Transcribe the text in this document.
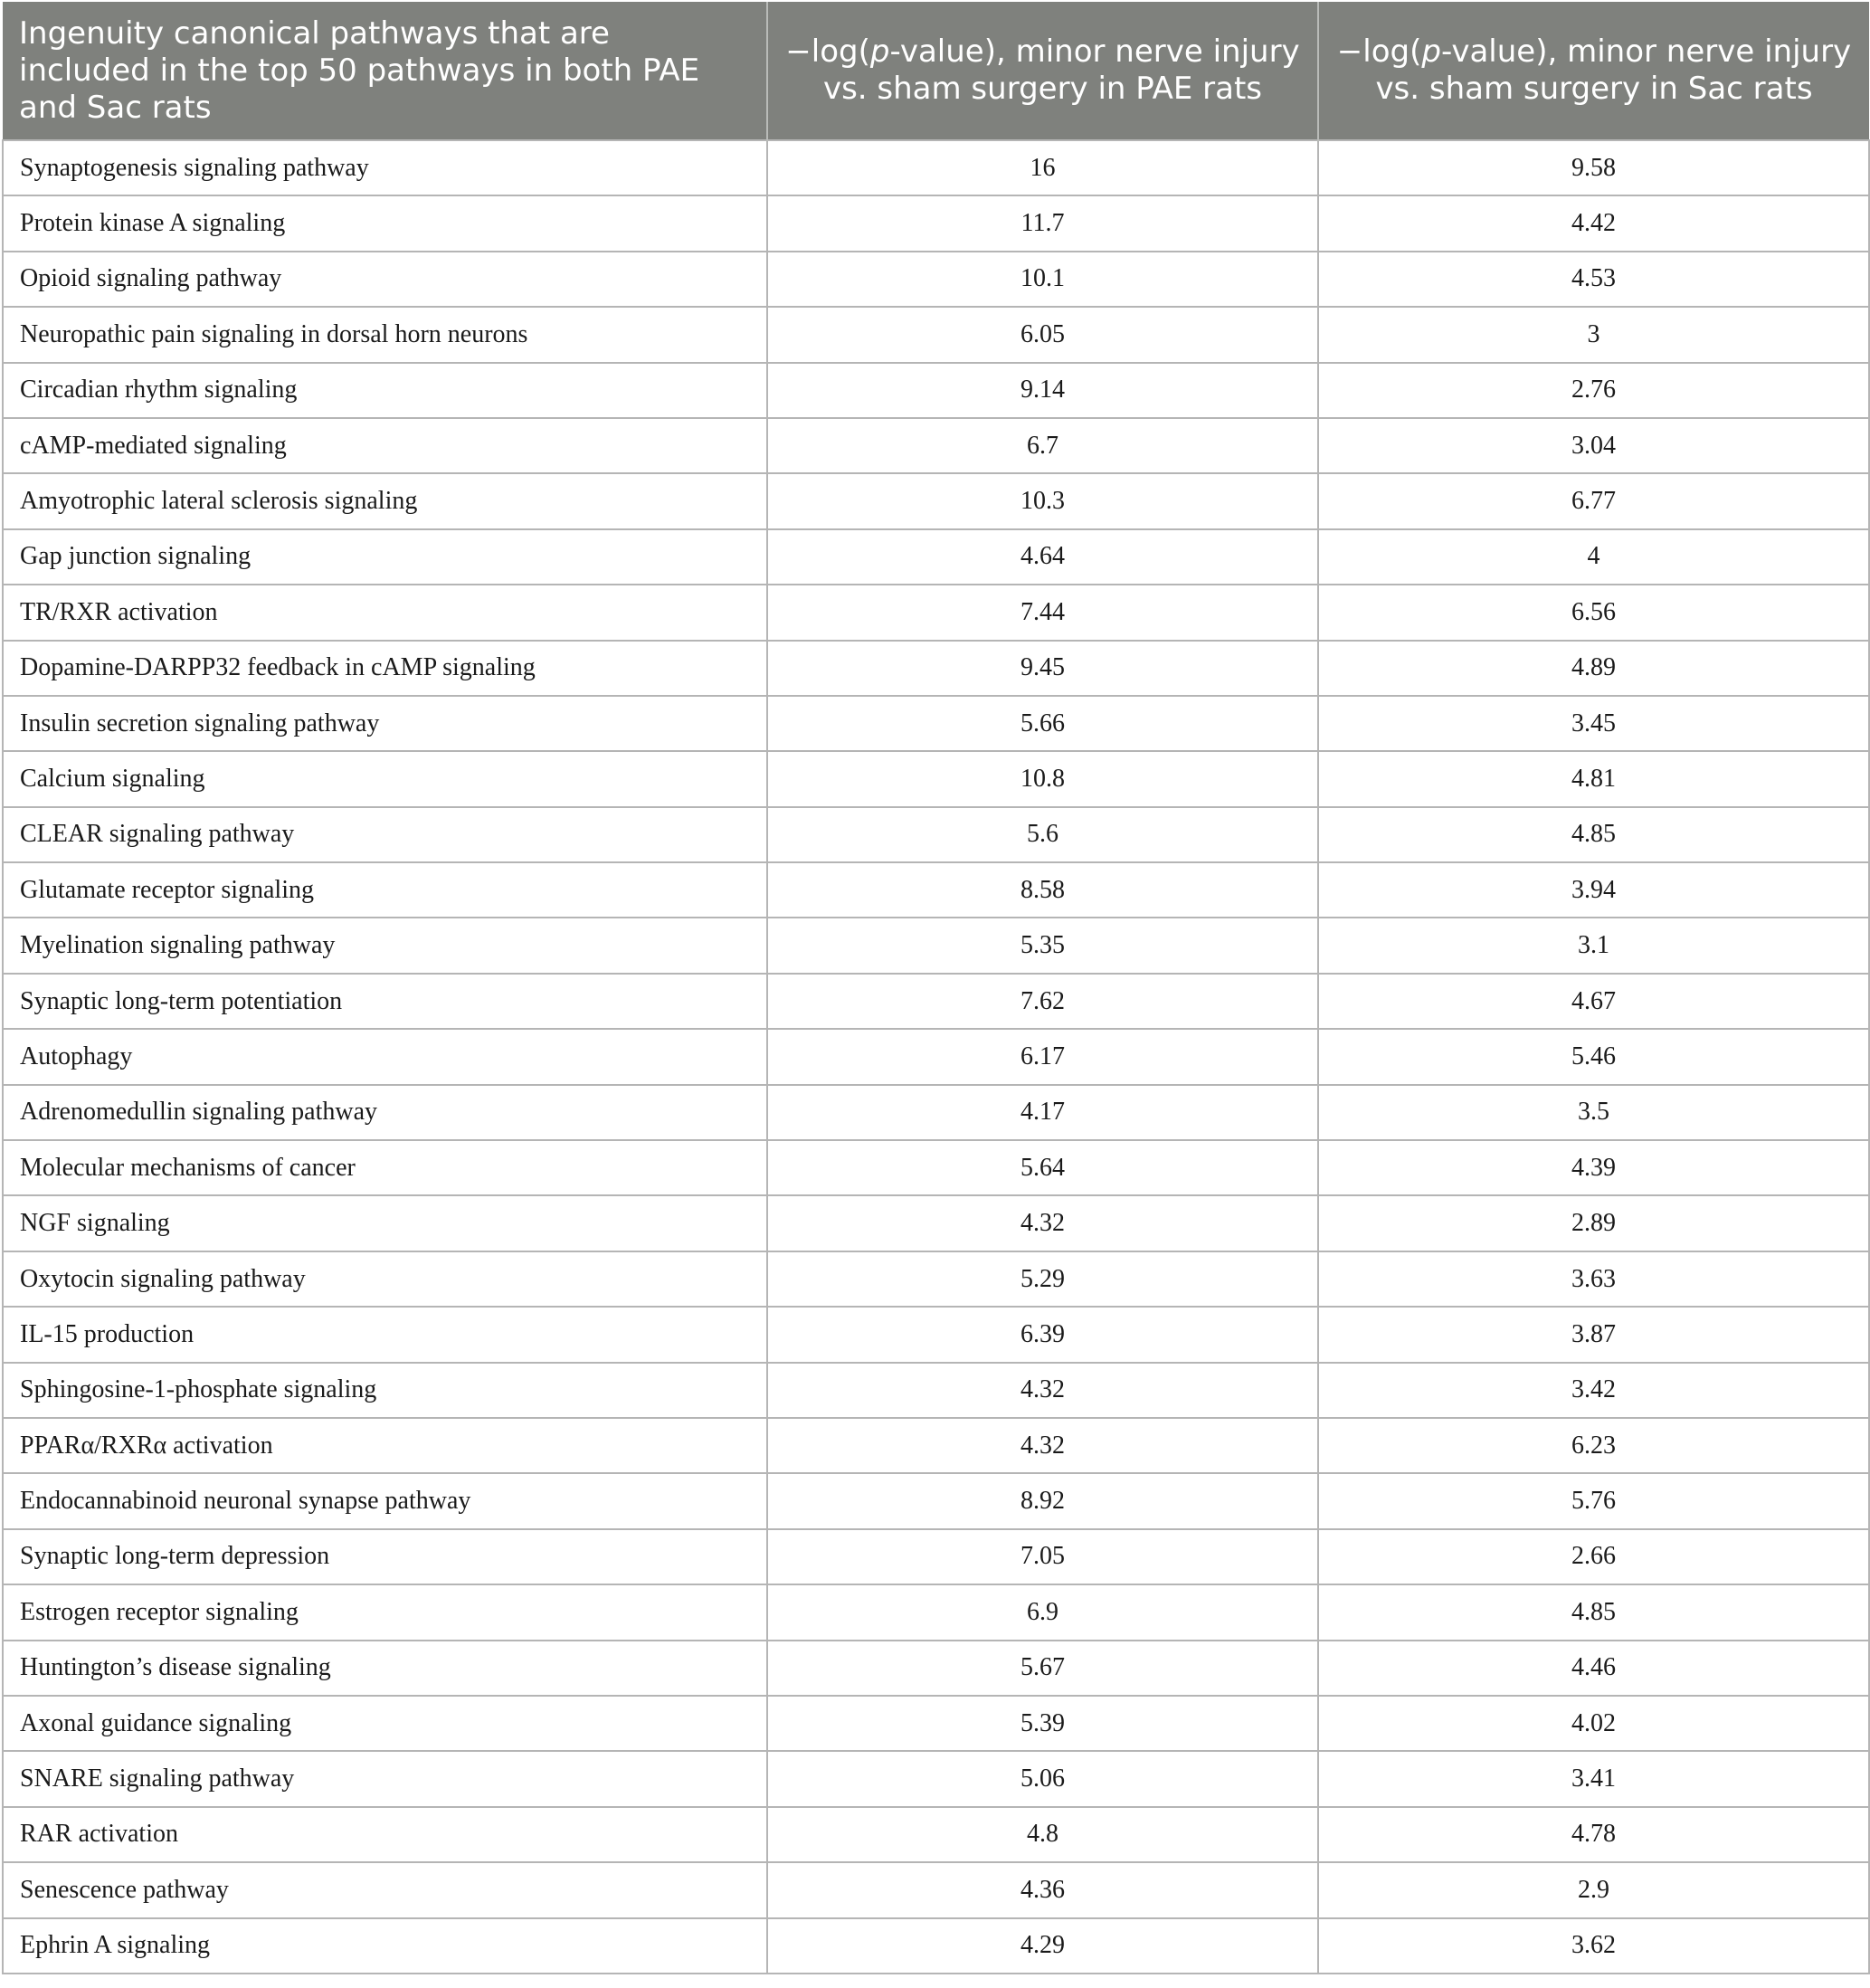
Ingenuity canonical pathways that are included in the top 50 pathways in both PAE and Sac rats	−log(p-value), minor nerve injury vs. sham surgery in PAE rats	−log(p-value), minor nerve injury vs. sham surgery in Sac rats
Synaptogenesis signaling pathway	16	9.58
Protein kinase A signaling	11.7	4.42
Opioid signaling pathway	10.1	4.53
Neuropathic pain signaling in dorsal horn neurons	6.05	3
Circadian rhythm signaling	9.14	2.76
cAMP-mediated signaling	6.7	3.04
Amyotrophic lateral sclerosis signaling	10.3	6.77
Gap junction signaling	4.64	4
TR/RXR activation	7.44	6.56
Dopamine-DARPP32 feedback in cAMP signaling	9.45	4.89
Insulin secretion signaling pathway	5.66	3.45
Calcium signaling	10.8	4.81
CLEAR signaling pathway	5.6	4.85
Glutamate receptor signaling	8.58	3.94
Myelination signaling pathway	5.35	3.1
Synaptic long-term potentiation	7.62	4.67
Autophagy	6.17	5.46
Adrenomedullin signaling pathway	4.17	3.5
Molecular mechanisms of cancer	5.64	4.39
NGF signaling	4.32	2.89
Oxytocin signaling pathway	5.29	3.63
IL-15 production	6.39	3.87
Sphingosine-1-phosphate signaling	4.32	3.42
PPARα/RXRα activation	4.32	6.23
Endocannabinoid neuronal synapse pathway	8.92	5.76
Synaptic long-term depression	7.05	2.66
Estrogen receptor signaling	6.9	4.85
Huntington’s disease signaling	5.67	4.46
Axonal guidance signaling	5.39	4.02
SNARE signaling pathway	5.06	3.41
RAR activation	4.8	4.78
Senescence pathway	4.36	2.9
Ephrin A signaling	4.29	3.62
